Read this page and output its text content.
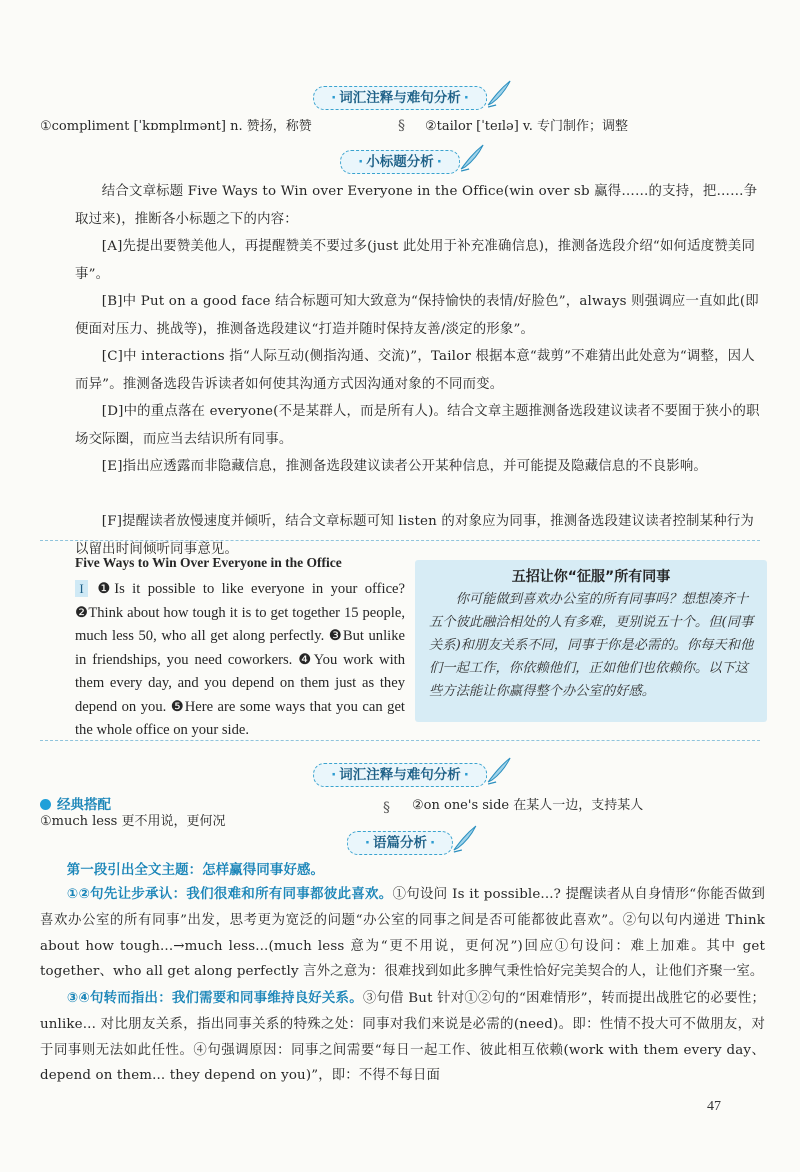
· 词汇注释与难句分析 ·
①compliment [ˈkɒmplɪmənt] n. 赞扬，称赞	§ ②tailor [ˈteɪlə] v. 专门制作；调整
· 小标题分析 ·
结合文章标题 Five Ways to Win over Everyone in the Office(win over sb 赢得……的支持，把……争取过来)，推断各小标题之下的内容：
[A]先提出要赞美他人，再提醒赞美不要过多(just 此处用于补充准确信息)，推测备选段介绍“如何适度赞美同事”。
[B]中 Put on a good face 结合标题可知大致意为“保持愉快的表情/好脸色”，always 则强调应一直如此(即便面对压力、挑战等)，推测备选段建议“打造并随时保持友善/淡定的形象”。
[C]中 interactions 指“人际互动(侧指沟通、交流)”，Tailor 根据本意“裁剪”不难猜出此处意为“调整，因人而异”。推测备选段告诉读者如何使其沟通方式因沟通对象的不同而变。
[D]中的重点落在 everyone(不是某群人，而是所有人)。结合文章主题推测备选段建议读者不要囿于狭小的职场交际圈，而应当去结识所有同事。
[E]指出应透露而非隐藏信息，推测备选段建议读者公开某种信息，并可能提及隐藏信息的不良影响。
[F]提醒读者放慢速度并倾听，结合文章标题可知 listen 的对象应为同事，推测备选段建议读者控制某种行为以留出时间倾听同事意见。
Five Ways to Win Over Everyone in the Office
I ❶Is it possible to like everyone in your office? ❷Think about how tough it is to get together 15 people, much less 50, who all get along perfectly. ❸But unlike in friendships, you need coworkers. ❹You work with them every day, and you depend on them just as they depend on you. ❺Here are some ways that you can get the whole office on your side.
五招让你“征服”所有同事
你可能做到喜欢办公室的所有同事吗？想想凑齐十五个彼此融洽相处的人有多难，更别说五十个。但(同事关系)和朋友关系不同，同事于你是必需的。你每天和他们一起工作，你依赖他们，正如他们也依赖你。以下这些方法能让你赢得整个办公室的好感。
· 词汇注释与难句分析 ·
经典搭配
①much less 更不用说，更何况
§ ②on one's side 在某人一边，支持某人
· 语篇分析 ·
第一段引出全文主题：怎样赢得同事好感。
①②句先让步承认：我们很难和所有同事都彼此喜欢。①句设问 Is it possible...? 提醒读者从自身情形“你能否做到喜欢办公室的所有同事”出发，思考更为宽泛的问题“办公室的同事之间是否可能都彼此喜欢”。②句以句内递进 Think about how tough...→much less...(much less 意为“更不用说，更何况”)回应①句设问：难上加难。其中 get together、who all get along perfectly 言外之意为：很难找到如此多脾气秉性恰好完美契合的人，让他们齐聚一室。
③④句转而指出：我们需要和同事维持良好关系。③句借 But 针对①②句的“困难情形”，转而提出战胜它的必要性；unlike... 对比朋友关系，指出同事关系的特殊之处：同事对我们来说是必需的(need)。即：性情不投大可不做朋友，对于同事则无法如此任性。④句强调原因：同事之间需要“每日一起工作、彼此相互依赖(work with them every day、depend on them... they depend on you)”，即：不得不每日面
47
